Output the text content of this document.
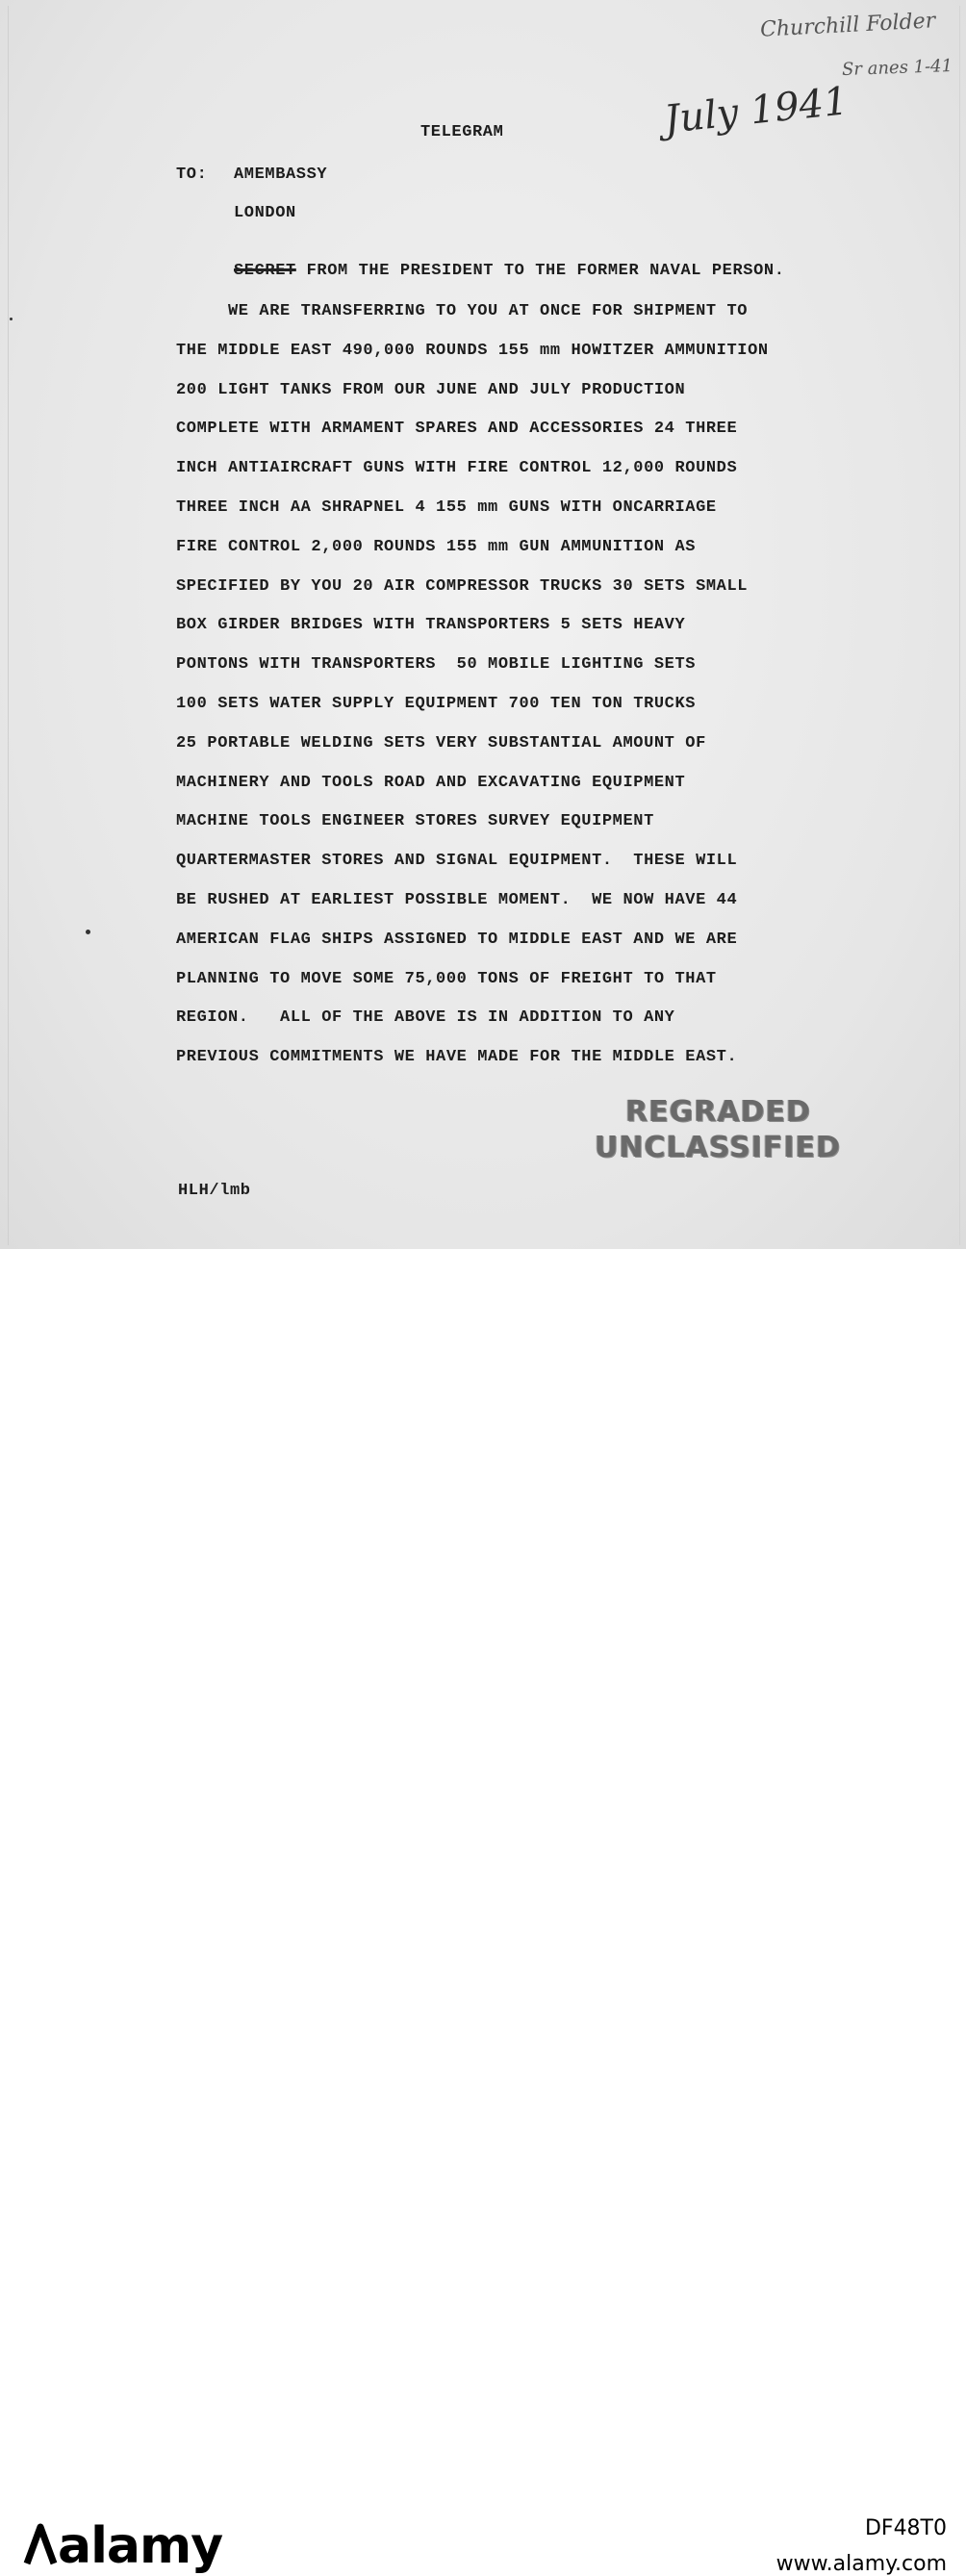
Churchill Folder
Sr anes 1-41
July 1941
TELEGRAM
TO: AMEMBASSY
LONDON
SECRET FROM THE PRESIDENT TO THE FORMER NAVAL PERSON.
WE ARE TRANSFERRING TO YOU AT ONCE FOR SHIPMENT TO
THE MIDDLE EAST 490,000 ROUNDS 155 mm HOWITZER AMMUNITION
200 LIGHT TANKS FROM OUR JUNE AND JULY PRODUCTION
COMPLETE WITH ARMAMENT SPARES AND ACCESSORIES 24 THREE
INCH ANTIAIRCRAFT GUNS WITH FIRE CONTROL 12,000 ROUNDS
THREE INCH AA SHRAPNEL 4 155 mm GUNS WITH ONCARRIAGE
FIRE CONTROL 2,000 ROUNDS 155 mm GUN AMMUNITION AS
SPECIFIED BY YOU 20 AIR COMPRESSOR TRUCKS 30 SETS SMALL
BOX GIRDER BRIDGES WITH TRANSPORTERS 5 SETS HEAVY
PONTONS WITH TRANSPORTERS  50 MOBILE LIGHTING SETS
100 SETS WATER SUPPLY EQUIPMENT 700 TEN TON TRUCKS
25 PORTABLE WELDING SETS VERY SUBSTANTIAL AMOUNT OF
MACHINERY AND TOOLS ROAD AND EXCAVATING EQUIPMENT
MACHINE TOOLS ENGINEER STORES SURVEY EQUIPMENT
QUARTERMASTER STORES AND SIGNAL EQUIPMENT.  THESE WILL
BE RUSHED AT EARLIEST POSSIBLE MOMENT.  WE NOW HAVE 44
AMERICAN FLAG SHIPS ASSIGNED TO MIDDLE EAST AND WE ARE
PLANNING TO MOVE SOME 75,000 TONS OF FREIGHT TO THAT
REGION.   ALL OF THE ABOVE IS IN ADDITION TO ANY
PREVIOUS COMMITMENTS WE HAVE MADE FOR THE MIDDLE EAST.
REGRADED
UNCLASSIFIED
HLH/lmb
alamy	DF48T0
www.alamy.com
